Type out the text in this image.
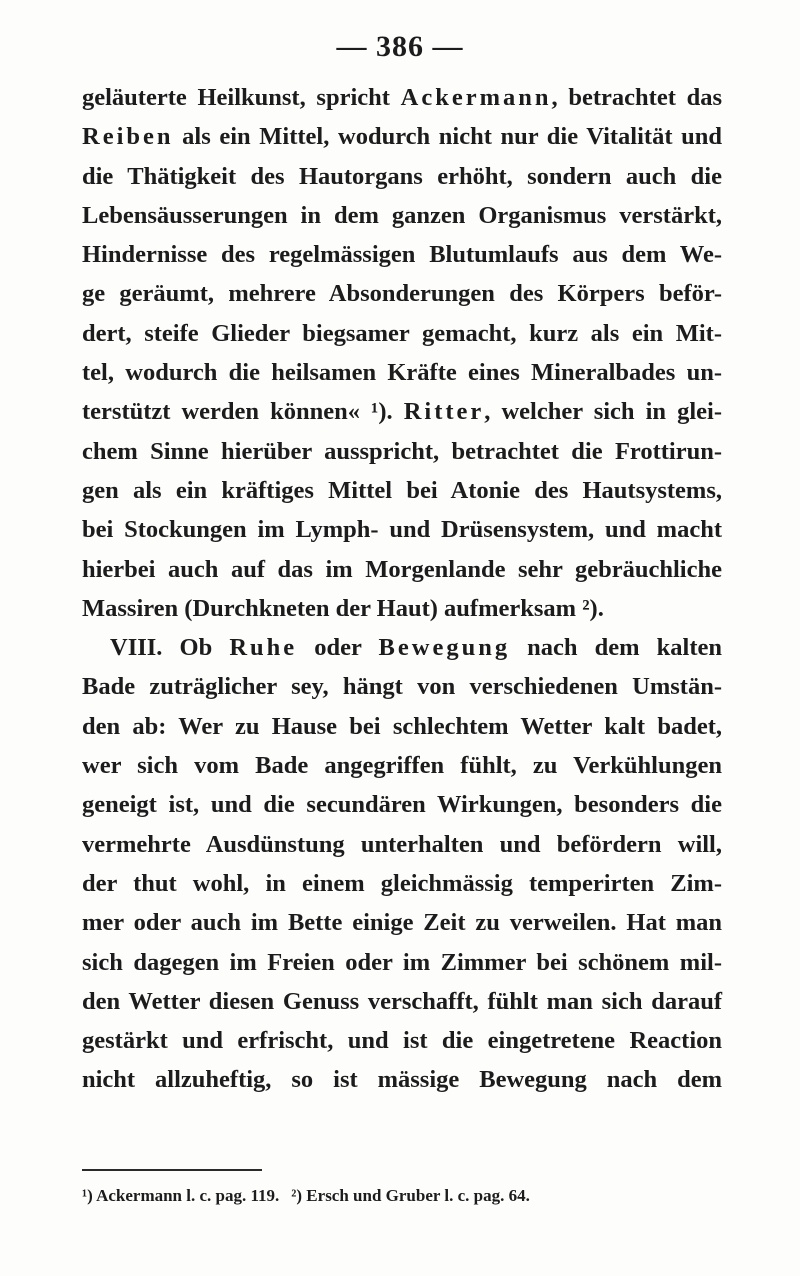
— 386 —
geläuterte Heilkunst, spricht Ackermann, betrachtet das
Reiben als ein Mittel, wodurch nicht nur die Vitalität und
die Thätigkeit des Hautorgans erhöht, sondern auch die
Lebensäusserungen in dem ganzen Organismus verstärkt,
Hindernisse des regelmässigen Blutumlaufs aus dem We-
ge geräumt, mehrere Absonderungen des Körpers beför-
dert, steife Glieder biegsamer gemacht, kurz als ein Mit-
tel, wodurch die heilsamen Kräfte eines Mineralbades un-
terstützt werden können« ¹). Ritter, welcher sich in glei-
chem Sinne hierüber ausspricht, betrachtet die Frottirun-
gen als ein kräftiges Mittel bei Atonie des Hautsystems,
bei Stockungen im Lymph- und Drüsensystem, und macht
hierbei auch auf das im Morgenlande sehr gebräuchliche
Massiren (Durchkneten der Haut) aufmerksam ²).
VIII. Ob Ruhe oder Bewegung nach dem kalten
Bade zuträglicher sey, hängt von verschiedenen Umstän-
den ab: Wer zu Hause bei schlechtem Wetter kalt badet,
wer sich vom Bade angegriffen fühlt, zu Verkühlungen
geneigt ist, und die secundären Wirkungen, besonders die
vermehrte Ausdünstung unterhalten und befördern will,
der thut wohl, in einem gleichmässig temperirten Zim-
mer oder auch im Bette einige Zeit zu verweilen. Hat man
sich dagegen im Freien oder im Zimmer bei schönem mil-
den Wetter diesen Genuss verschafft, fühlt man sich darauf
gestärkt und erfrischt, und ist die eingetretene Reaction
nicht allzuheftig, so ist mässige Bewegung nach dem
¹) Ackermann l. c. pag. 119. ²) Ersch und Gruber l. c. pag. 64.
